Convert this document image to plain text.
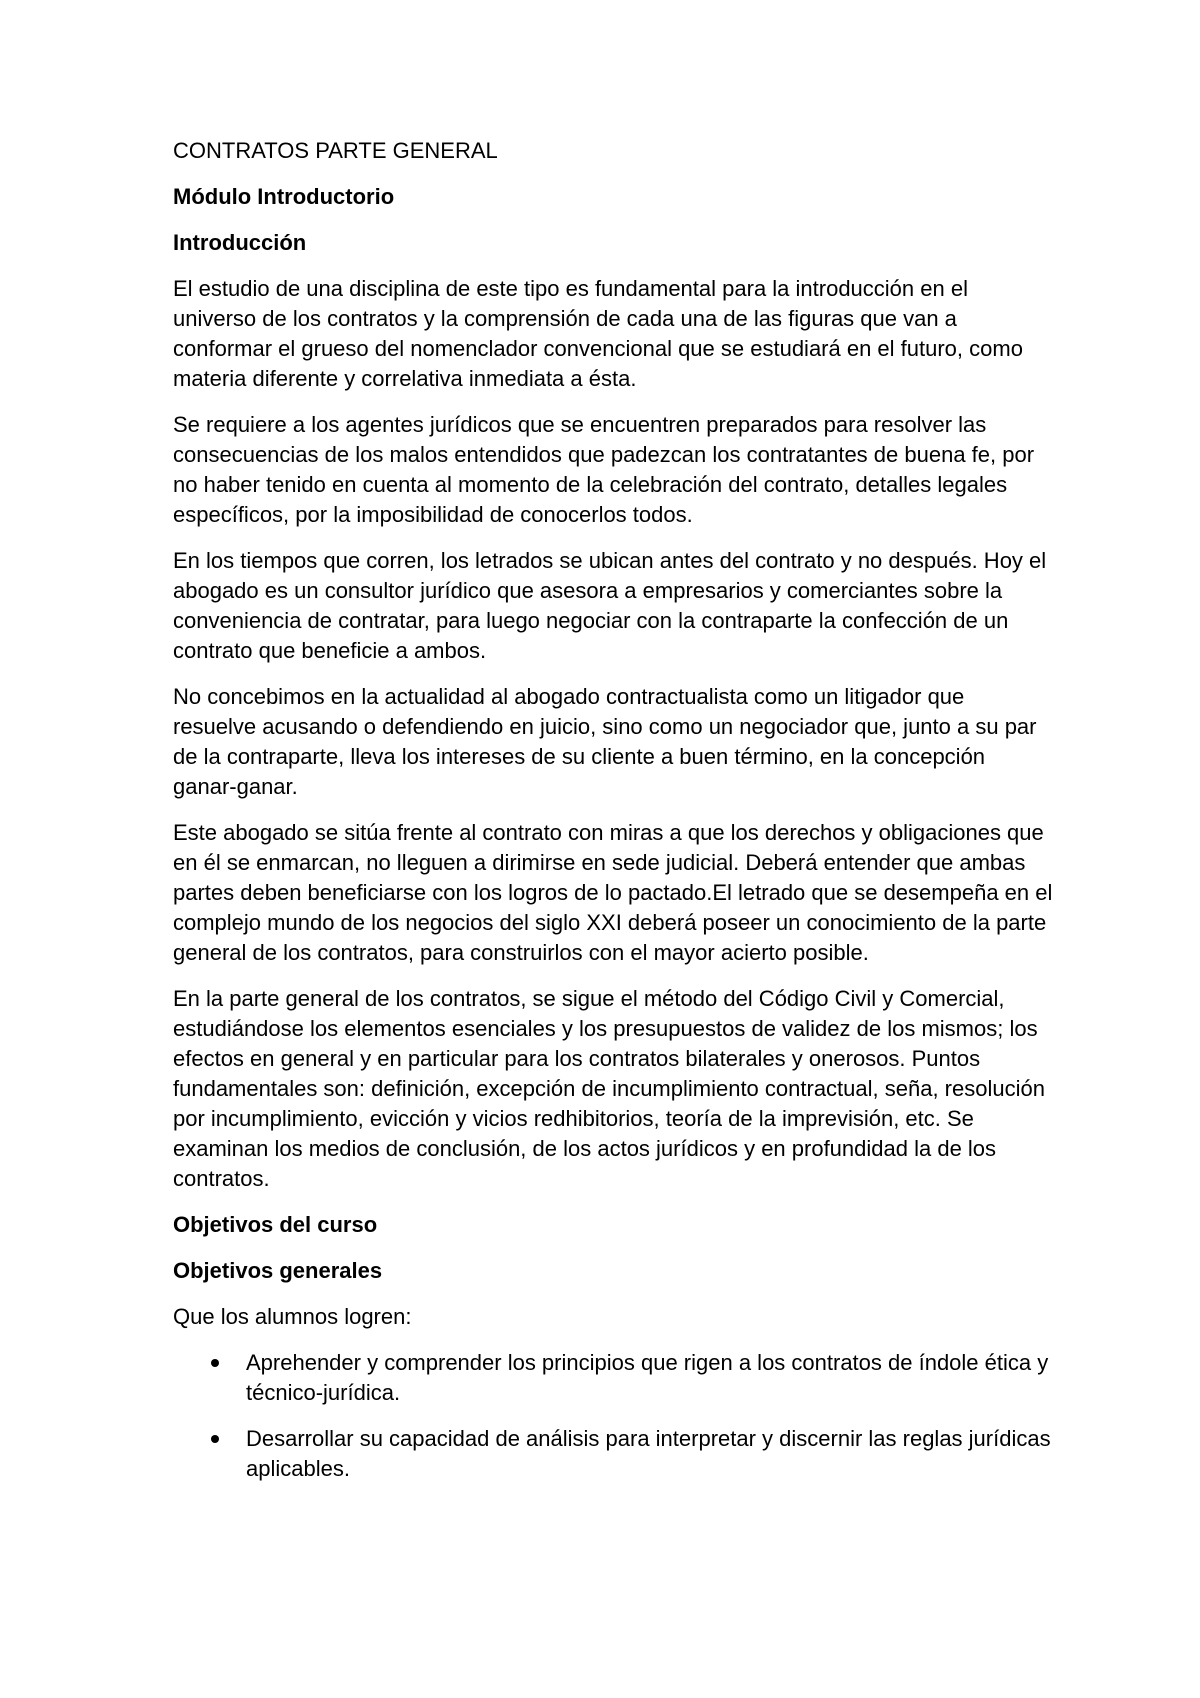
CONTRATOS PARTE GENERAL
Módulo Introductorio
Introducción

El estudio de una disciplina de este tipo es fundamental para la introducción en el universo de los contratos y la comprensión de cada una de las figuras que van a conformar el grueso del nomenclador convencional que se estudiará en el futuro, como materia diferente y correlativa inmediata a ésta.

Se requiere a los agentes jurídicos que se encuentren preparados para resolver las consecuencias de los malos entendidos que padezcan los contratantes de buena fe, por no haber tenido en cuenta al momento de la celebración del contrato, detalles legales específicos, por la imposibilidad de conocerlos todos.

En los tiempos que corren, los letrados se ubican antes del contrato y no después. Hoy el abogado es un consultor jurídico que asesora a empresarios y comerciantes sobre la conveniencia de contratar, para luego negociar con la contraparte la confección de un contrato que beneficie a ambos.

No concebimos en la actualidad al abogado contractualista como un litigador que resuelve acusando o defendiendo en juicio, sino como un negociador que, junto a su par de la contraparte, lleva los intereses de su cliente a buen término, en la concepción ganar-ganar.

Este abogado se sitúa frente al contrato con miras a que los derechos y obligaciones que en él se enmarcan, no lleguen a dirimirse en sede judicial. Deberá entender que ambas partes deben beneficiarse con los logros de lo pactado.El letrado que se desempeña en el complejo mundo de los negocios del siglo XXI deberá poseer un conocimiento de la parte general de los contratos, para construirlos con el mayor acierto posible.

En la parte general de los contratos, se sigue el método del Código Civil y Comercial, estudiándose los elementos esenciales y los presupuestos de validez de los mismos; los efectos en general y en particular para los contratos bilaterales y onerosos. Puntos fundamentales son: definición, excepción de incumplimiento contractual, seña, resolución por incumplimiento, evicción y vicios redhibitorios, teoría de la imprevisión, etc. Se examinan los medios de conclusión, de los actos jurídicos y en profundidad la de los contratos.

Objetivos del curso
Objetivos generales

Que los alumnos logren:

Aprehender y comprender los principios que rigen a los contratos de índole ética y técnico-jurídica.
Desarrollar su capacidad de análisis para interpretar y discernir las reglas jurídicas aplicables.
